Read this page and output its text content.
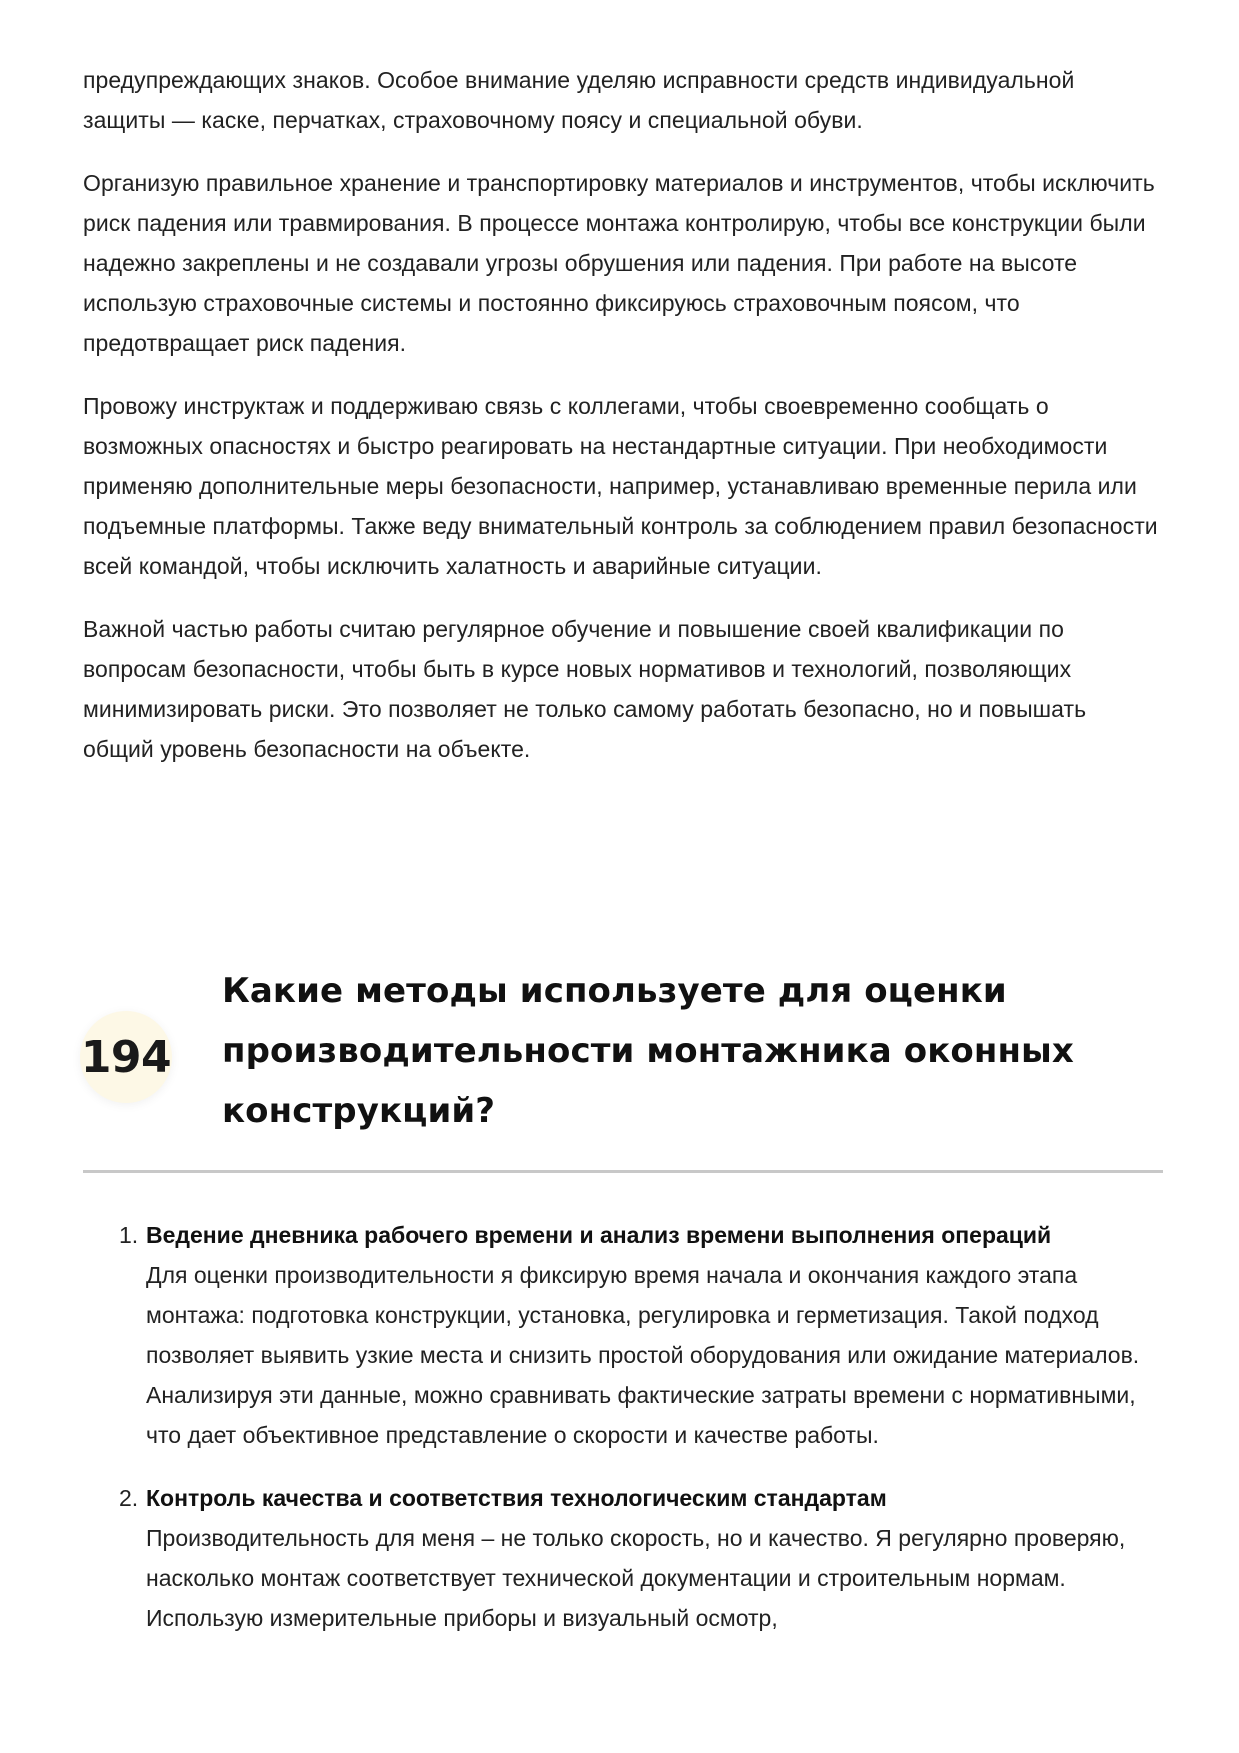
предупреждающих знаков. Особое внимание уделяю исправности средств индивидуальной защиты — каске, перчатках, страховочному поясу и специальной обуви.

Организую правильное хранение и транспортировку материалов и инструментов, чтобы исключить риск падения или травмирования. В процессе монтажа контролирую, чтобы все конструкции были надежно закреплены и не создавали угрозы обрушения или падения. При работе на высоте использую страховочные системы и постоянно фиксируюсь страховочным поясом, что предотвращает риск падения.

Провожу инструктаж и поддерживаю связь с коллегами, чтобы своевременно сообщать о возможных опасностях и быстро реагировать на нестандартные ситуации. При необходимости применяю дополнительные меры безопасности, например, устанавливаю временные перила или подъемные платформы. Также веду внимательный контроль за соблюдением правил безопасности всей командой, чтобы исключить халатность и аварийные ситуации.

Важной частью работы считаю регулярное обучение и повышение своей квалификации по вопросам безопасности, чтобы быть в курсе новых нормативов и технологий, позволяющих минимизировать риски. Это позволяет не только самому работать безопасно, но и повышать общий уровень безопасности на объекте.

194
Какие методы используете для оценки производительности монтажника оконных конструкций?
1. Ведение дневника рабочего времени и анализ времени выполнения операций
Для оценки производительности я фиксирую время начала и окончания каждого этапа монтажа: подготовка конструкции, установка, регулировка и герметизация. Такой подход позволяет выявить узкие места и снизить простой оборудования или ожидание материалов. Анализируя эти данные, можно сравнивать фактические затраты времени с нормативными, что дает объективное представление о скорости и качестве работы.
2. Контроль качества и соответствия технологическим стандартам
Производительность для меня – не только скорость, но и качество. Я регулярно проверяю, насколько монтаж соответствует технической документации и строительным нормам. Использую измерительные приборы и визуальный осмотр,
